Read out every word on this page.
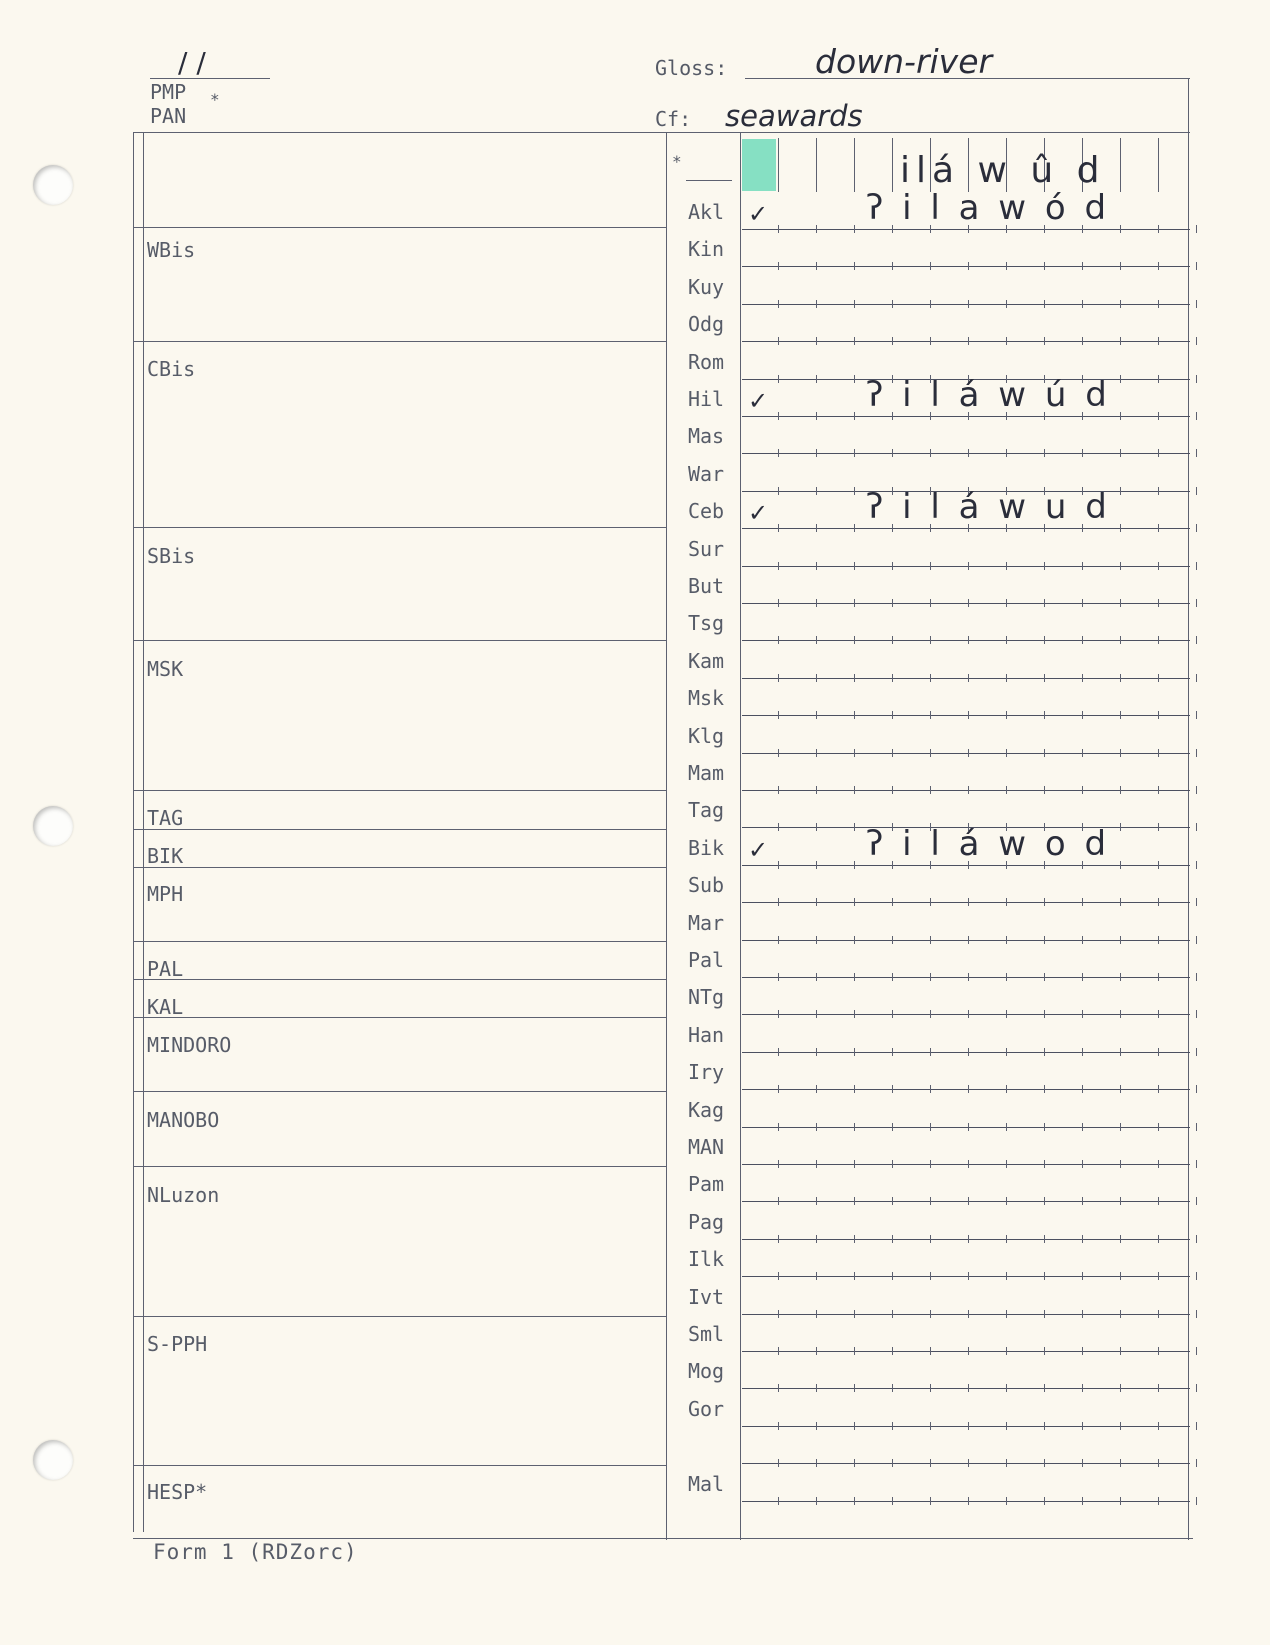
/ /
PMP *
PAN
Gloss:	down-river
Cf: seawards
*	ilá w û d
WBis
CBis
SBis
MSK
TAG
BIK
MPH
PAL
KAL
MINDORO
MANOBO
NLuzon
S-PPH
HESP*
Akl ✓	ʔ i l a w ó d
Kin
Kuy
Odg
Rom
Hil ✓	ʔ i l á w ú d
Mas
War
Ceb ✓	ʔ i l á w u d
Sur
But
Tsg
Kam
Msk
Klg
Mam
Tag
Bik ✓	ʔ i l á w o d
Sub
Mar
Pal
NTg
Han
Iry
Kag
MAN
Pam
Pag
Ilk
Ivt
Sml
Mog
Gor
Mal
Form 1 (RDZorc)
